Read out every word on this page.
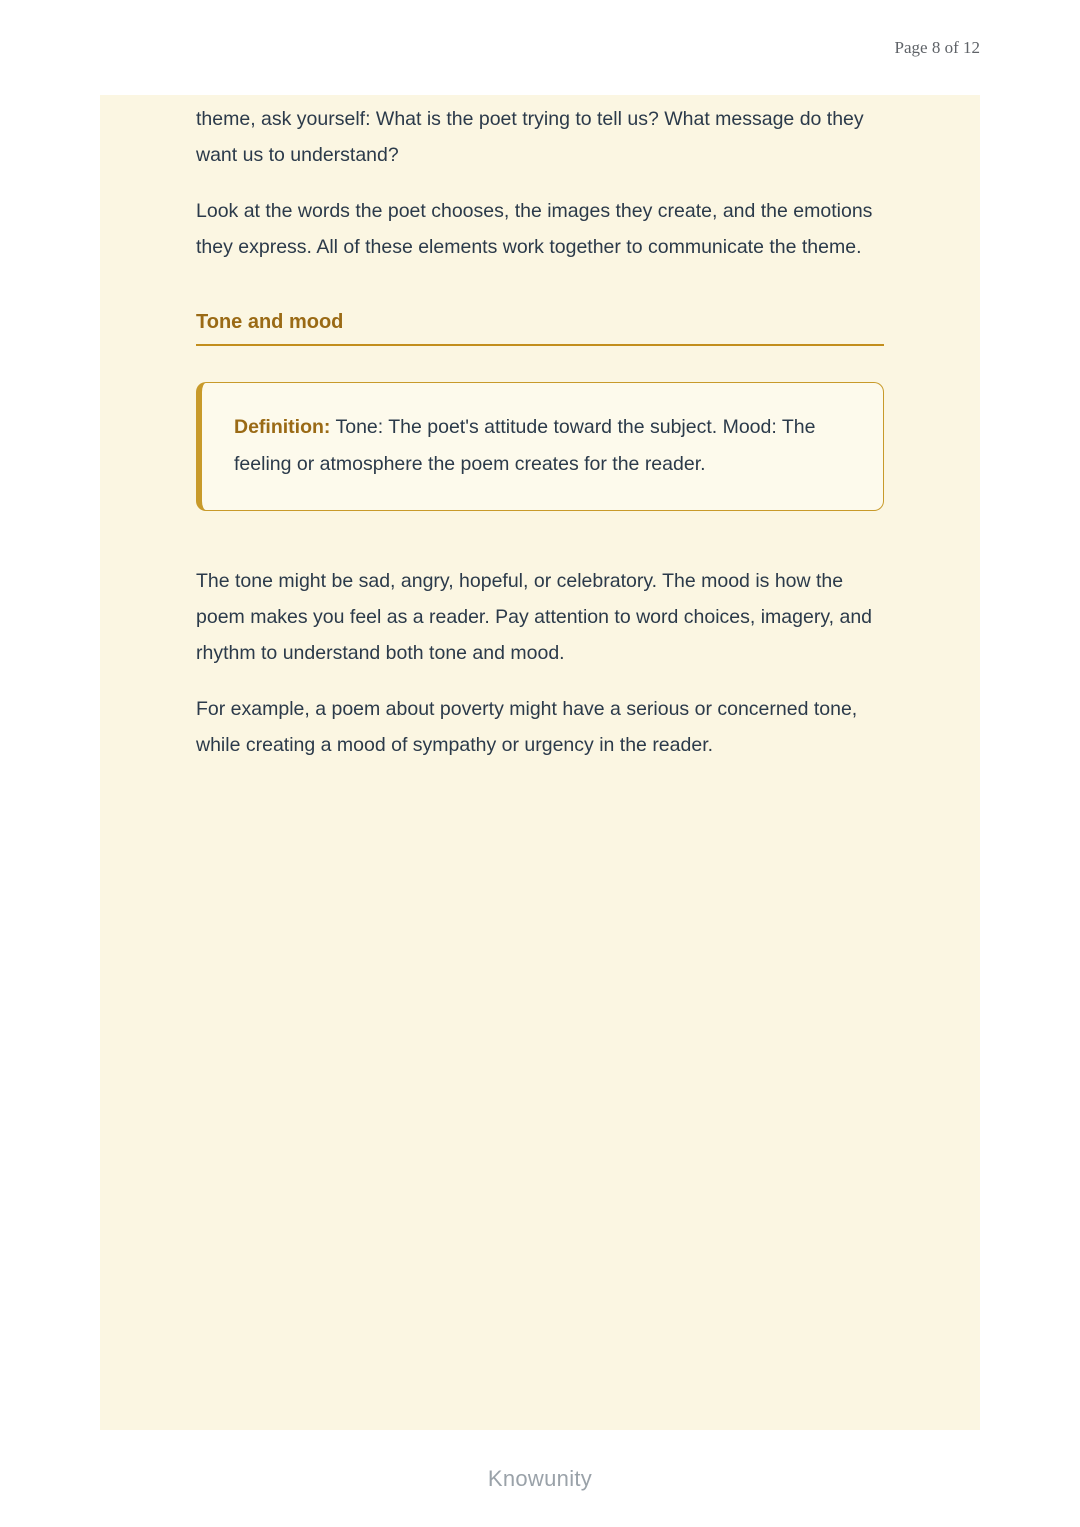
Page 8 of 12

theme, ask yourself: What is the poet trying to tell us? What message do they want us to understand?

Look at the words the poet chooses, the images they create, and the emotions they express. All of these elements work together to communicate the theme.

Tone and mood

Definition: Tone: The poet's attitude toward the subject. Mood: The feeling or atmosphere the poem creates for the reader.

The tone might be sad, angry, hopeful, or celebratory. The mood is how the poem makes you feel as a reader. Pay attention to word choices, imagery, and rhythm to understand both tone and mood.

For example, a poem about poverty might have a serious or concerned tone, while creating a mood of sympathy or urgency in the reader.

Knowunity
